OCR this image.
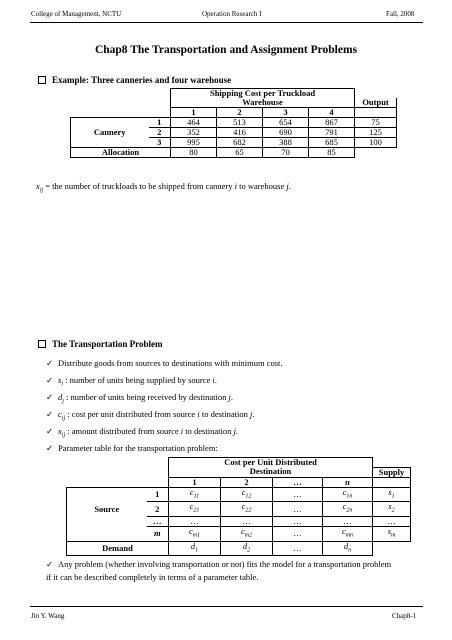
College of Management, NCTU	Operation Research I	Fall, 2008
Chap8 The Transportation and Assignment Problems
Example: Three canneries and four warehouse
		Shipping Cost per Truckload				
		Warehouse				Output
		1	2	3	4	
	1	464	513	654	867	75
Cannery	2	352	416	690	791	125
	3	995	682	388	685	100
Allocation		80	65	70	85	
$x_{ij}$ = the number of truckloads to be shipped from cannery i to warehouse j.
The Transportation Problem
✓ Distribute goods from sources to destinations with minimum cost.
✓ $s_i$ : number of units being supplied by source i.
✓ $d_j$ : number of units being received by destination j.
✓ $c_{ij}$ : cost per unit distributed from source i to destination j.
✓ $x_{ij}$ : amount distributed from source i to destination j.
✓ Parameter table for the transportation problem:
		Cost per Unit Distributed				
		Destination				Supply
		1	2	…	n	
	1	$c_{11}$	$c_{12}$	…	$c_{1n}$	$s_1$
Source	2	$c_{21}$	$c_{22}$	…	$c_{2n}$	$s_2$
	…	…	…	…	…	…
	m	$c_{m1}$	$c_{m2}$	…	$c_{mn}$	$s_m$
Demand		$d_1$	$d_2$	…	$d_n$	
✓ Any problem (whether involving transportation or not) fits the model for a transportation problem if it can be described completely in terms of a parameter table.
Jin Y. Wang	Chap8-1
